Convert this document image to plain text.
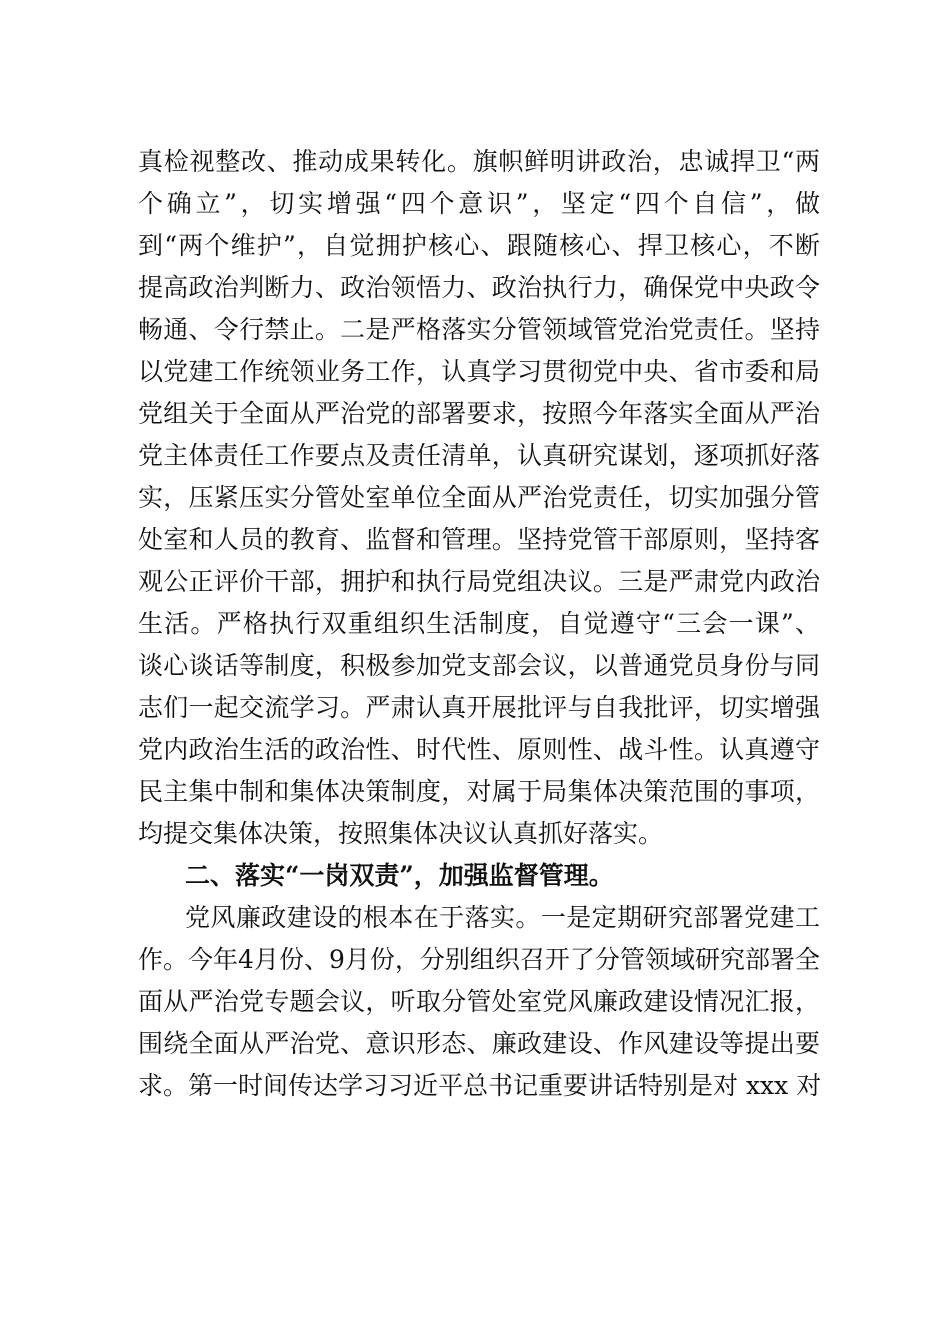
真检视整改、推动成果转化。旗帜鲜明讲政治，忠诚捍卫“两
个确立”，切实增强“四个意识”，坚定“四个自信”，做
到“两个维护”，自觉拥护核心、跟随核心、捍卫核心，不断
提高政治判断力、政治领悟力、政治执行力，确保党中央政令
畅通、令行禁止。二是严格落实分管领域管党治党责任。坚持
以党建工作统领业务工作，认真学习贯彻党中央、省市委和局
党组关于全面从严治党的部署要求，按照今年落实全面从严治
党主体责任工作要点及责任清单，认真研究谋划，逐项抓好落
实，压紧压实分管处室单位全面从严治党责任，切实加强分管
处室和人员的教育、监督和管理。坚持党管干部原则，坚持客
观公正评价干部，拥护和执行局党组决议。三是严肃党内政治
生活。严格执行双重组织生活制度，自觉遵守“三会一课”、
谈心谈话等制度，积极参加党支部会议，以普通党员身份与同
志们一起交流学习。严肃认真开展批评与自我批评，切实增强
党内政治生活的政治性、时代性、原则性、战斗性。认真遵守
民主集中制和集体决策制度，对属于局集体决策范围的事项，
均提交集体决策，按照集体决议认真抓好落实。
二、落实“一岗双责”，加强监督管理。
党风廉政建设的根本在于落实。一是定期研究部署党建工
作。今年4月份、9月份，分别组织召开了分管领域研究部署全
面从严治党专题会议，听取分管处室党风廉政建设情况汇报，
围绕全面从严治党、意识形态、廉政建设、作风建设等提出要
求。第一时间传达学习习近平总书记重要讲话特别是对 xxx 对
